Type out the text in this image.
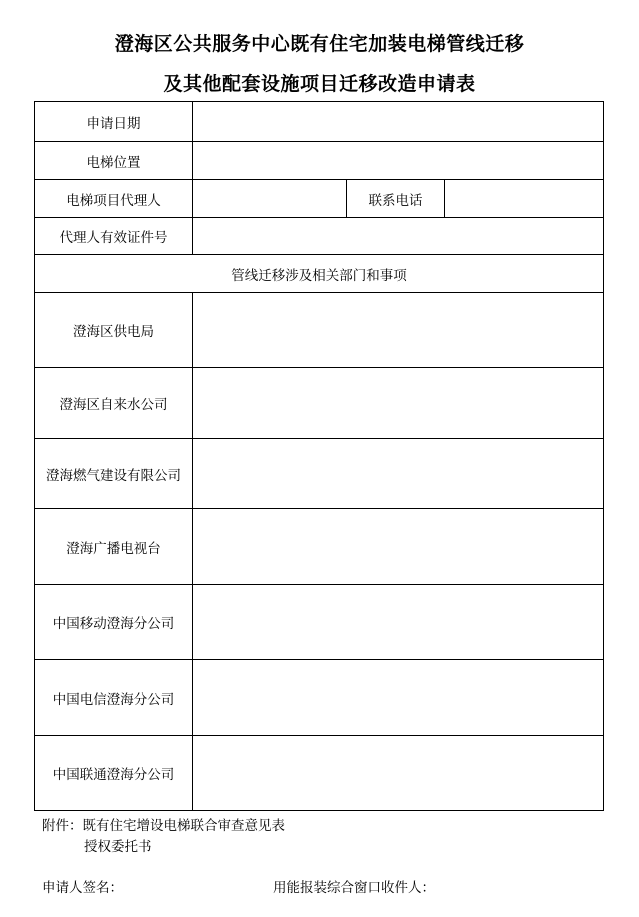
澄海区公共服务中心既有住宅加装电梯管线迁移
及其他配套设施项目迁移改造申请表
申请日期			
电梯位置			
电梯项目代理人		联系电话	
代理人有效证件号			
管线迁移涉及相关部门和事项			
澄海区供电局			
澄海区自来水公司			
澄海燃气建设有限公司			
澄海广播电视台			
中国移动澄海分公司			
中国电信澄海分公司			
中国联通澄海分公司			
附件：既有住宅增设电梯联合审查意见表
授权委托书
申请人签名：	用能报装综合窗口收件人：
